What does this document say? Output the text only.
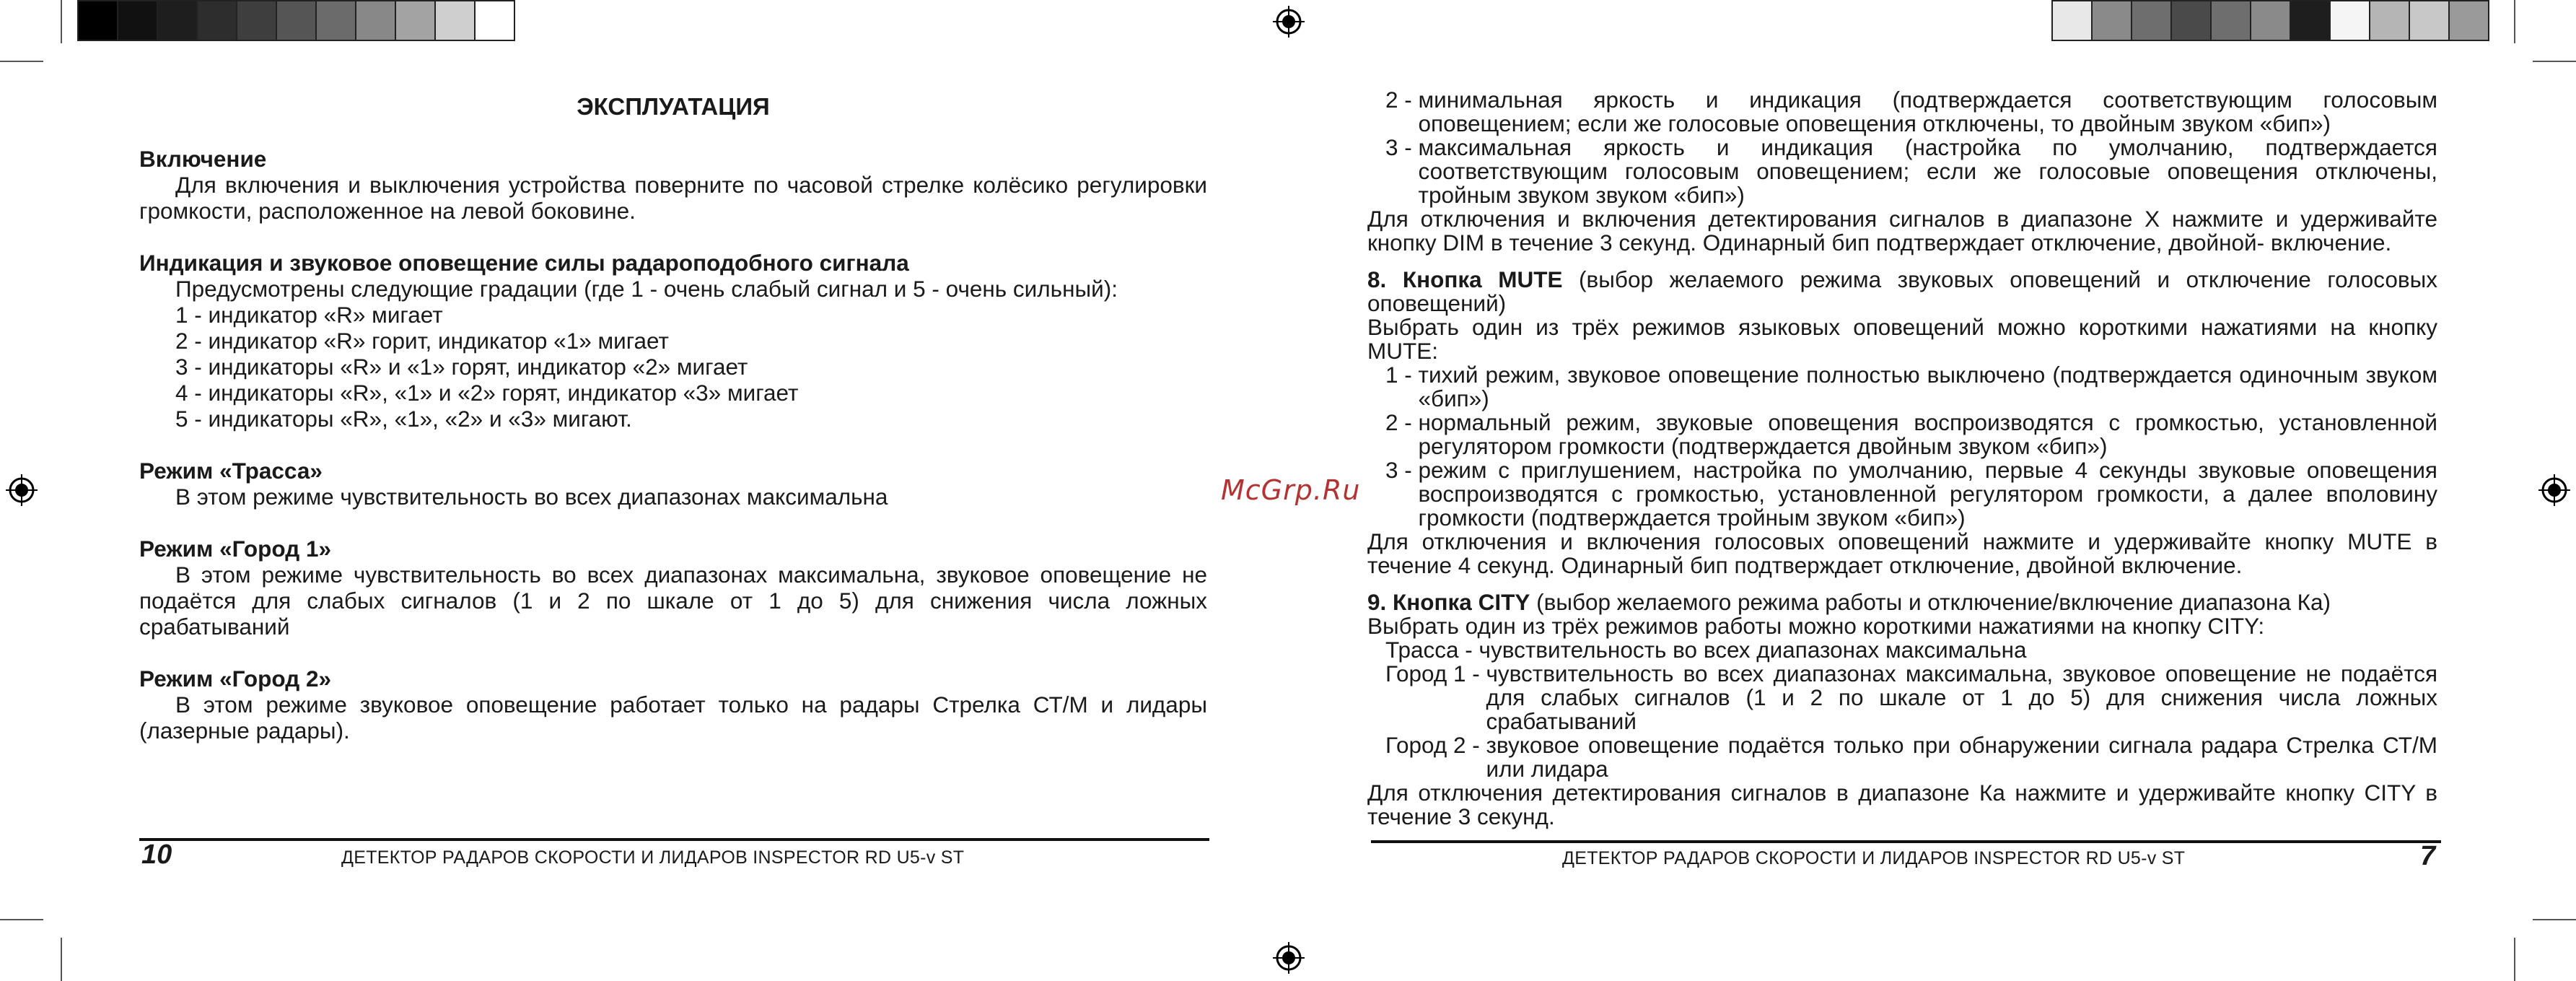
ЭКСПЛУАТАЦИЯ

Включение

Для включения и выключения устройства поверните по часовой стрелке колёсико регулировки громкости, расположенное на левой боковине.

Индикация и звуковое оповещение силы радароподобного сигнала

Предусмотрены следующие градации (где 1 - очень слабый сигнал и 5 - очень сильный):

1 - индикатор «R» мигает

2 - индикатор «R» горит, индикатор «1» мигает

3 - индикаторы «R» и «1» горят, индикатор «2» мигает

4 - индикаторы «R», «1» и «2» горят, индикатор «3» мигает

5 - индикаторы «R», «1», «2» и «3» мигают.

Режим «Трасса»

В этом режиме чувствительность во всех диапазонах максимальна

Режим «Город 1»

В этом режиме чувствительность во всех диапазонах максимальна, звуковое оповещение не подаётся для слабых сигналов (1 и 2 по шкале от 1 до 5) для снижения числа ложных срабатываний

Режим «Город 2»

В этом режиме звуковое оповещение работает только на радары Стрелка СТ/М и лидары (лазерные радары).

10	ДЕТЕКТОР РАДАРОВ СКОРОСТИ И ЛИДАРОВ INSPECTOR RD U5-v ST
McGrp.Ru
2 - минимальная яркость и индикация (подтверждается соответствующим голосовым оповещением; если же голосовые оповещения отключены, то двойным звуком «бип»)
3 - максимальная яркость и индикация (настройка по умолчанию, подтверждается соответствующим голосовым оповещением; если же голосовые оповещения отключены, тройным звуком звуком «бип»)

Для отключения и включения детектирования сигналов в диапазоне X нажмите и удерживайте кнопку DIM в течение 3 секунд. Одинарный бип подтверждает отключение, двойной- включение.

8. Кнопка MUTE (выбор желаемого режима звуковых оповещений и отключение голосовых оповещений)

Выбрать один из трёх режимов языковых оповещений можно короткими нажатиями на кнопку MUTE:

1 - тихий режим, звуковое оповещение полностью выключено (подтверждается одиночным звуком «бип»)
2 - нормальный режим, звуковые оповещения воспроизводятся с громкостью, установленной регулятором громкости (подтверждается двойным звуком «бип»)
3 - режим с приглушением, настройка по умолчанию, первые 4 секунды звуковые оповещения воспроизводятся с громкостью, установленной регулятором громкости, а далее вполовину громкости (подтверждается тройным звуком «бип»)

Для отключения и включения голосовых оповещений нажмите и удерживайте кнопку MUTE в течение 4 секунд. Одинарный бип подтверждает отключение, двойной включение.

9. Кнопка CITY (выбор желаемого режима работы и отключение/включение диапазона Ка)

Выбрать один из трёх режимов работы можно короткими нажатиями на кнопку CITY:

Трасса - чувствительность во всех диапазонах максимальна
Город 1 - чувствительность во всех диапазонах максимальна, звуковое оповещение не подаётся для слабых сигналов (1 и 2 по шкале от 1 до 5) для снижения числа ложных срабатываний
Город 2 - звуковое оповещение подаётся только при обнаружении сигнала радара Стрелка СТ/М или лидара

Для отключения детектирования сигналов в диапазоне Ка нажмите и удерживайте кнопку CITY в течение 3 секунд.

ДЕТЕКТОР РАДАРОВ СКОРОСТИ И ЛИДАРОВ INSPECTOR RD U5-v ST	7
